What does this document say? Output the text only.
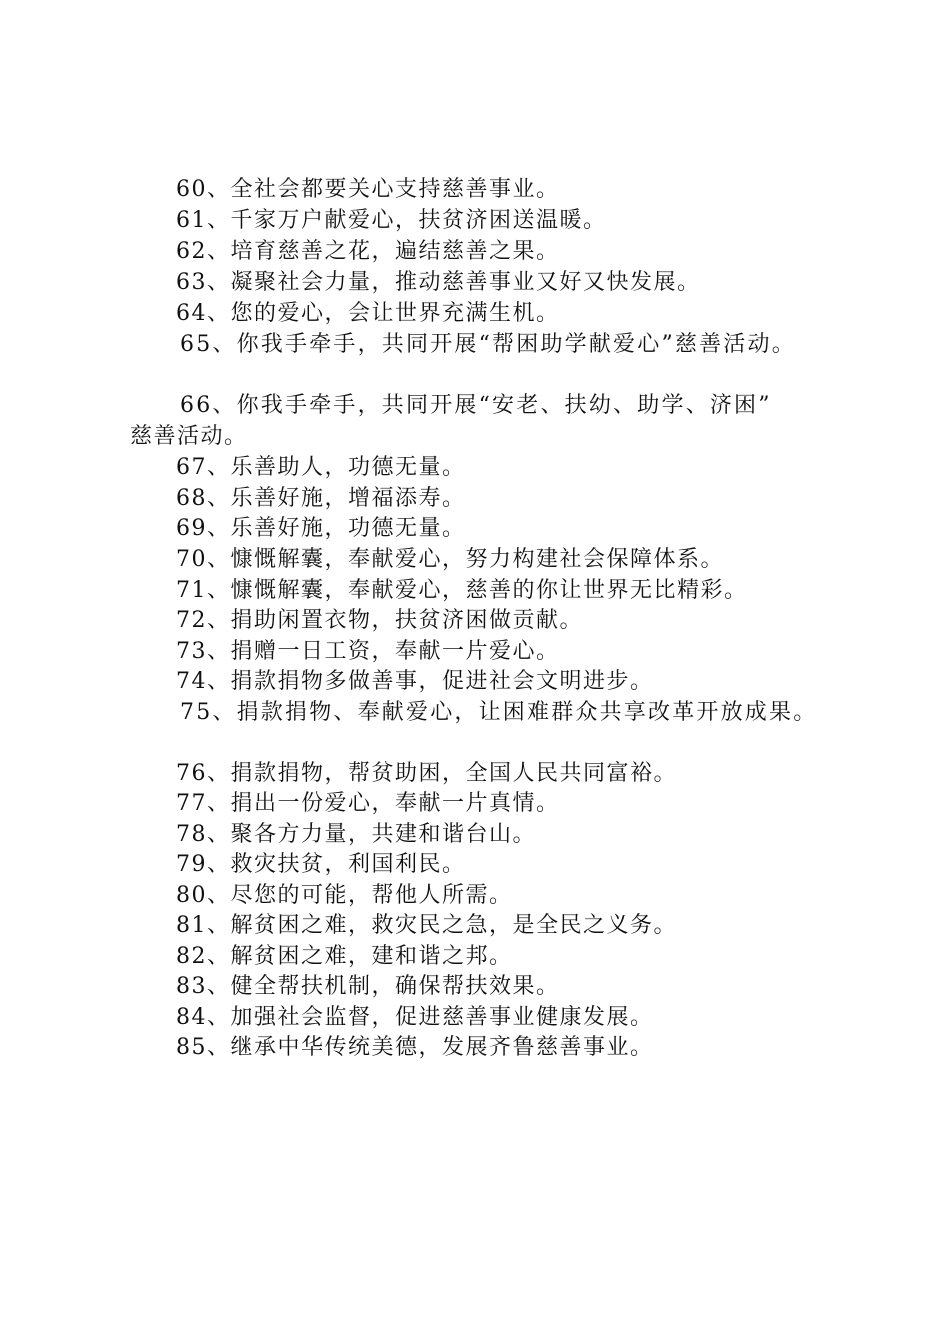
60、全社会都要关心支持慈善事业。
61、千家万户献爱心，扶贫济困送温暖。
62、培育慈善之花，遍结慈善之果。
63、凝聚社会力量，推动慈善事业又好又快发展。
64、您的爱心，会让世界充满生机。
65、你我手牵手，共同开展“帮困助学献爱心”慈善活动。
66、你我手牵手，共同开展“安老、扶幼、助学、济困”
慈善活动。
67、乐善助人，功德无量。
68、乐善好施，增福添寿。
69、乐善好施，功德无量。
70、慷慨解囊，奉献爱心，努力构建社会保障体系。
71、慷慨解囊，奉献爱心，慈善的你让世界无比精彩。
72、捐助闲置衣物，扶贫济困做贡献。
73、捐赠一日工资，奉献一片爱心。
74、捐款捐物多做善事，促进社会文明进步。
75、捐款捐物、奉献爱心，让困难群众共享改革开放成果。
76、捐款捐物，帮贫助困，全国人民共同富裕。
77、捐出一份爱心，奉献一片真情。
78、聚各方力量，共建和谐台山。
79、救灾扶贫，利国利民。
80、尽您的可能，帮他人所需。
81、解贫困之难，救灾民之急，是全民之义务。
82、解贫困之难，建和谐之邦。
83、健全帮扶机制，确保帮扶效果。
84、加强社会监督，促进慈善事业健康发展。
85、继承中华传统美德，发展齐鲁慈善事业。
